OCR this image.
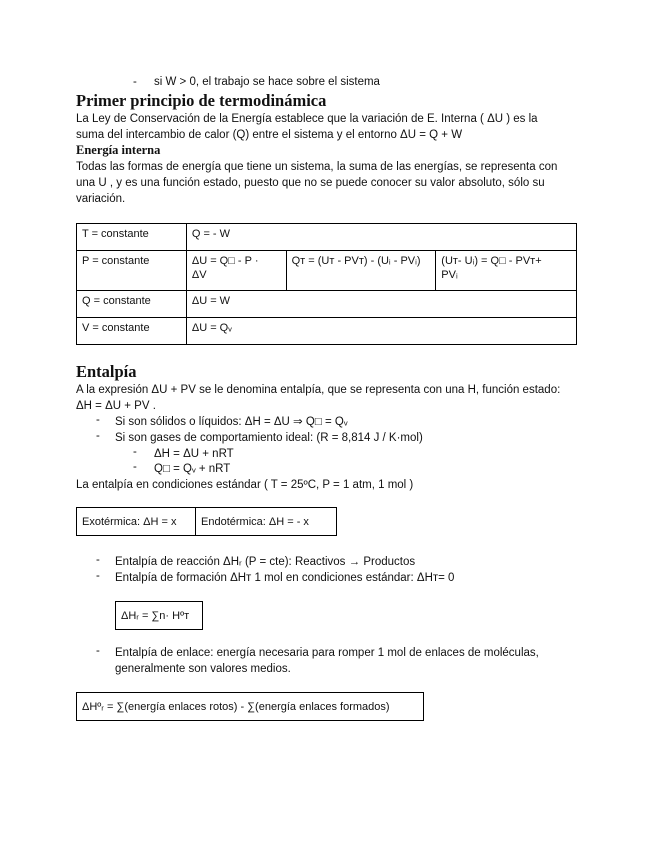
- si W > 0, el trabajo se hace sobre el sistema
Primer principio de termodinámica
La Ley de Conservación de la Energía establece que la variación de E. Interna ( ΔU ) es la
suma del intercambio de calor (Q) entre el sistema y el entorno ΔU = Q + W
Energía interna
Todas las formas de energía que tiene un sistema, la suma de las energías, se representa con
una U , y es una función estado, puesto que no se puede conocer su valor absoluto, sólo su
variación.
T = constante	Q = - W		
P = constante	ΔU = Q□ - P ·
ΔV	Qᴛ = (Uᴛ - PVᴛ) - (Uᵢ - PVᵢ)	(Uᴛ- Uᵢ) = Q□ - PVᴛ+
PVᵢ
Q = constante	ΔU = W		
V = constante	ΔU = Qᵥ		
Entalpía
A la expresión ΔU + PV se le denomina entalpía, que se representa con una H, función estado:
ΔH = ΔU + PV .
- Si son sólidos o líquidos: ΔH = ΔU ⇒ Q□ = Qᵥ
- Si son gases de comportamiento ideal: (R = 8,814 J / K·mol)
- ΔH = ΔU + nRT
- Q□ = Qᵥ + nRT
La entalpía en condiciones estándar ( T = 25ºC, P = 1 atm, 1 mol )
Exotérmica: ΔH = x	Endotérmica: ΔH = - x
- Entalpía de reacción ΔHᵣ (P = cte): Reactivos → Productos
- Entalpía de formación ΔHᴛ 1 mol en condiciones estándar: ΔHᴛ= 0
ΔHᵣ = ∑n· Hºᴛ
- Entalpía de enlace: energía necesaria para romper 1 mol de enlaces de moléculas,
generalmente son valores medios.
ΔHºᵣ = ∑(energía enlaces rotos) - ∑(energía enlaces formados)
